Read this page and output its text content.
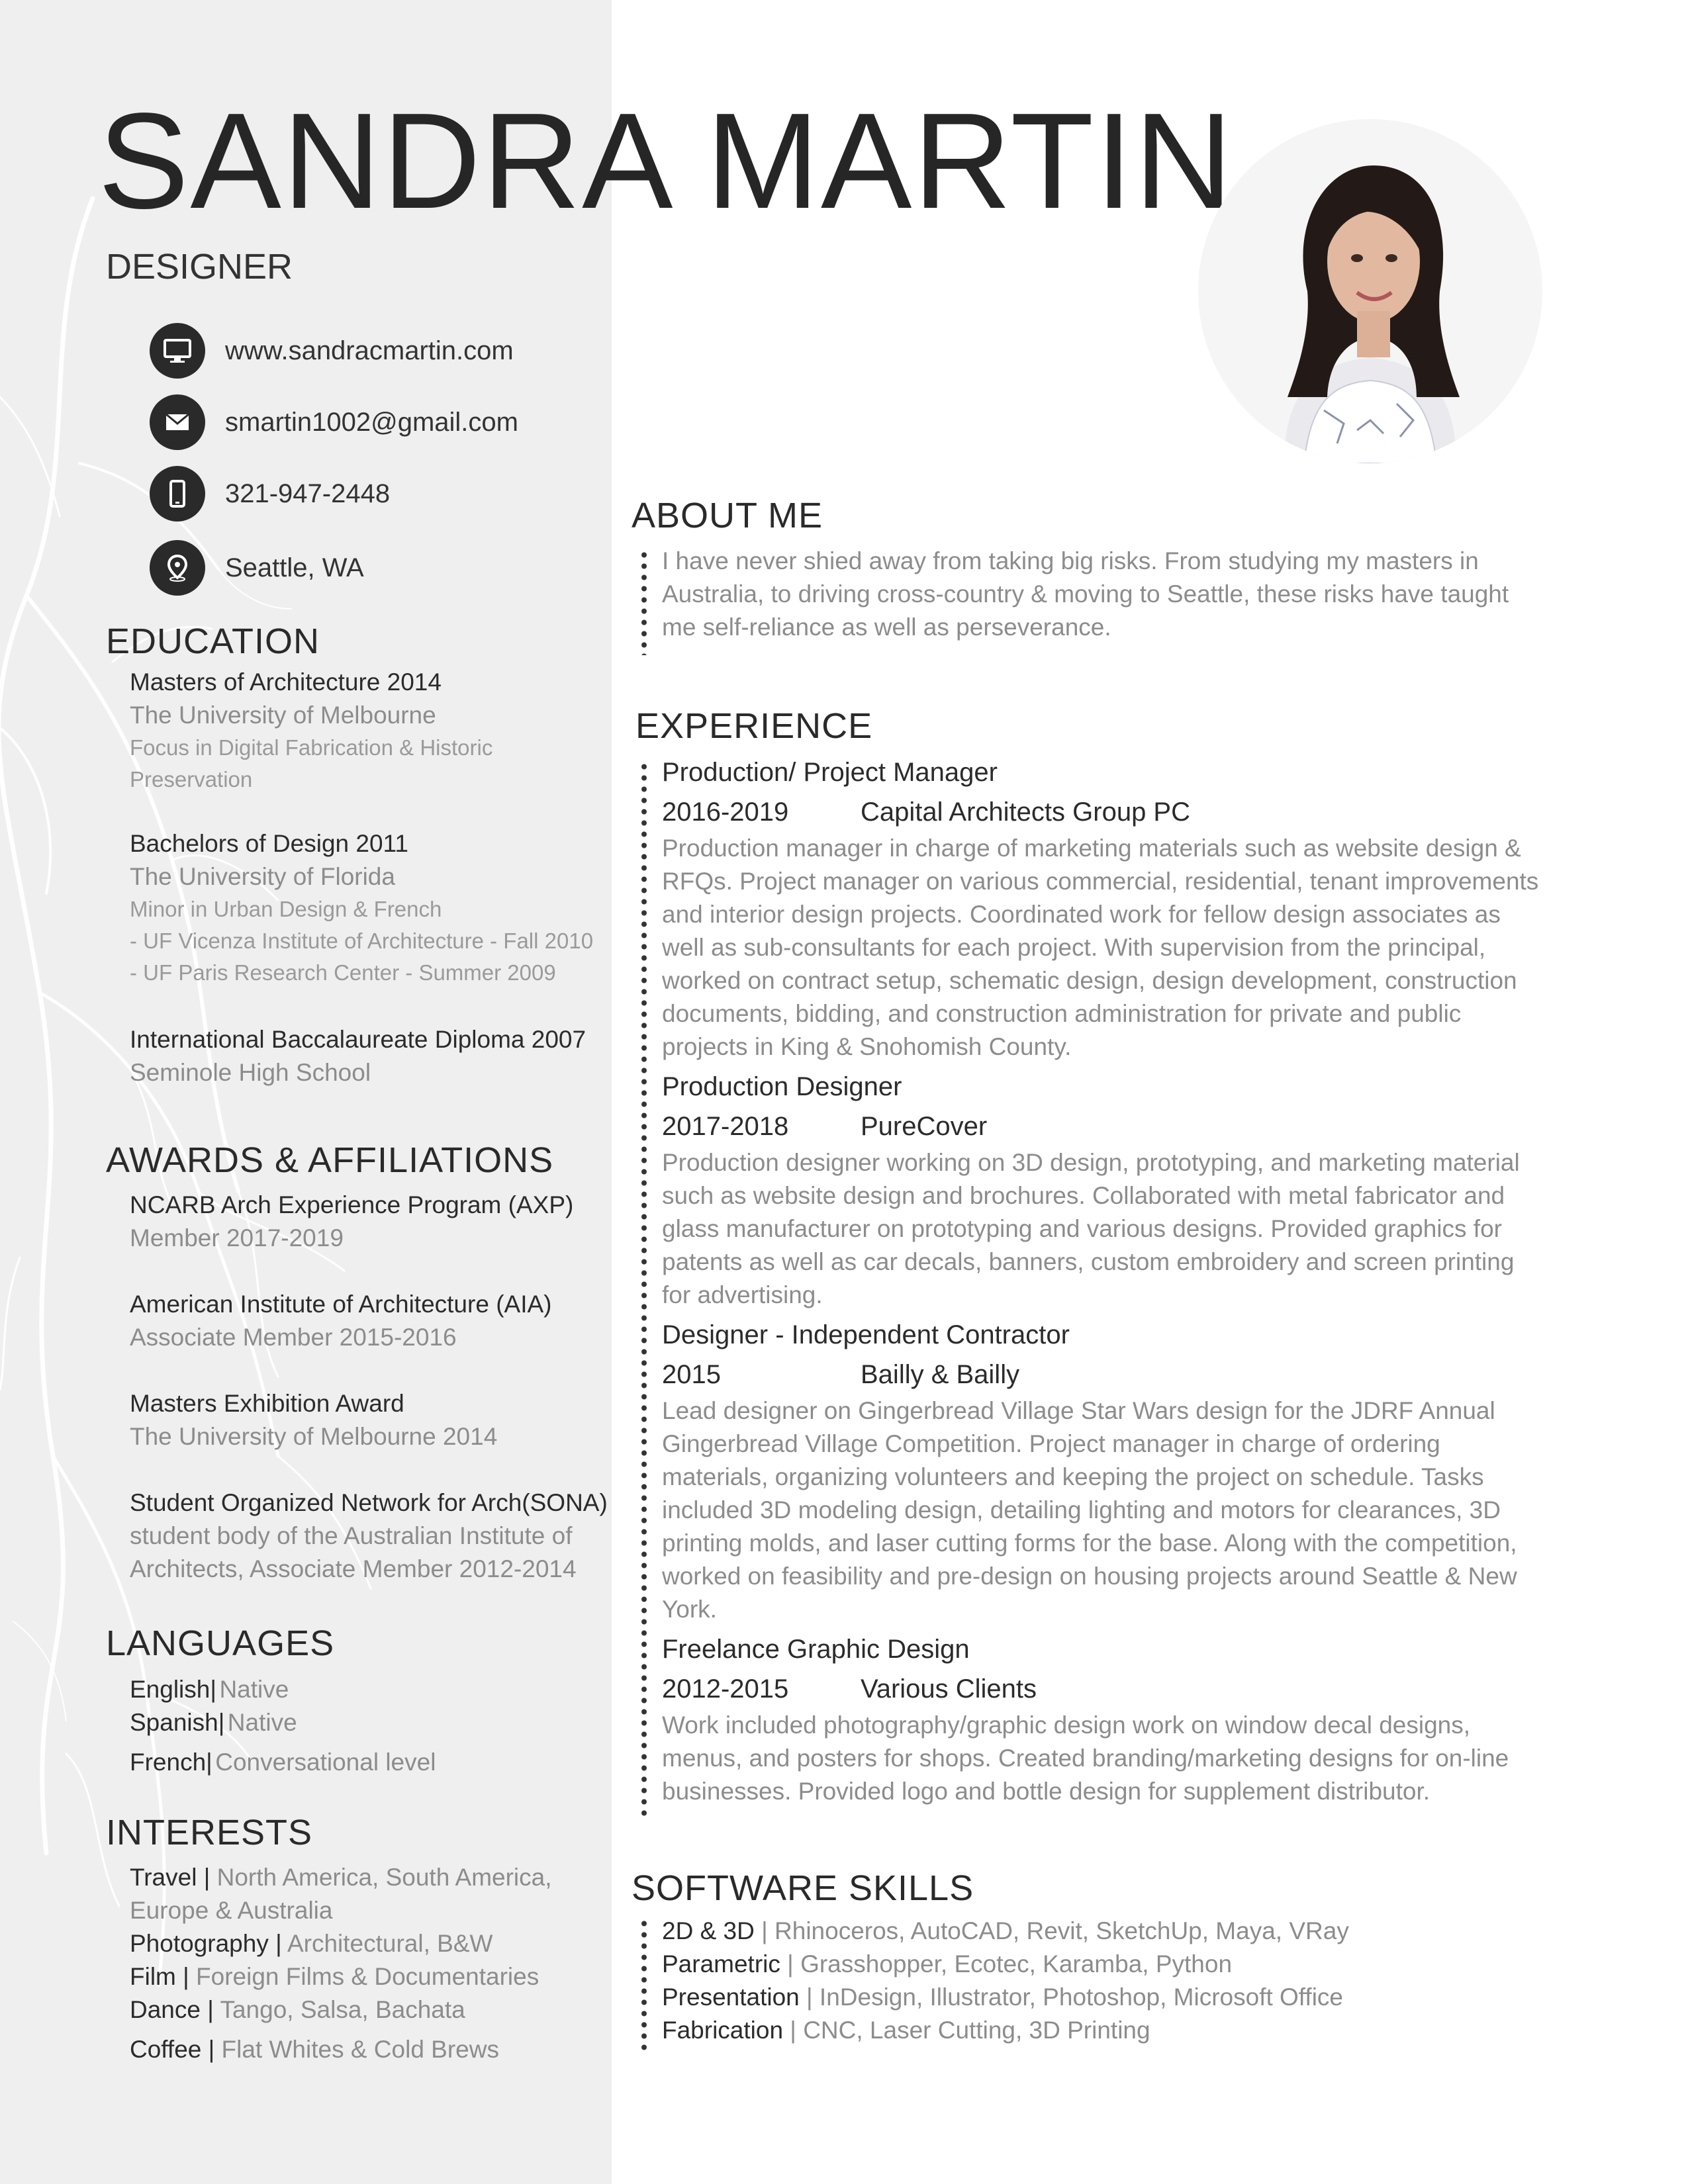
SANDRA MARTIN
DESIGNER
www.sandracmartin.com
smartin1002@gmail.com
321-947-2448
Seattle, WA
EDUCATION
Masters of Architecture 2014
The University of Melbourne
Focus in Digital Fabrication & Historic
Preservation
Bachelors of Design 2011
The University of Florida
Minor in Urban Design & French
- UF Vicenza Institute of Architecture - Fall 2010
- UF Paris Research Center - Summer 2009
International Baccalaureate Diploma 2007
Seminole High School
AWARDS & AFFILIATIONS
NCARB Arch Experience Program (AXP)
Member 2017-2019
American Institute of Architecture (AIA)
Associate Member 2015-2016
Masters Exhibition Award
The University of Melbourne 2014
Student Organized Network for Arch(SONA)
student body of the Australian Institute of
Architects, Associate Member 2012-2014
LANGUAGES
English| Native
Spanish| Native
French| Conversational level
INTERESTS
Travel | North America, South America,
Europe & Australia
Photography | Architectural, B&W
Film | Foreign Films & Documentaries
Dance | Tango, Salsa, Bachata
Coffee | Flat Whites & Cold Brews
ABOUT ME
I have never shied away from taking big risks. From studying my masters in Australia, to driving cross-country & moving to Seattle, these risks have taught me self-reliance as well as perseverance.
EXPERIENCE
Production/ Project Manager
2016-2019	Capital Architects Group PC
Production manager in charge of marketing materials such as website design & RFQs. Project manager on various commercial, residential, tenant improvements and interior design projects. Coordinated work for fellow design associates as well as sub-consultants for each project. With supervision from the principal, worked on contract setup, schematic design, design development, construction documents, bidding, and construction administration for private and public projects in King & Snohomish County.
Production Designer
2017-2018	PureCover
Production designer working on 3D design, prototyping, and marketing material such as website design and brochures. Collaborated with metal fabricator and glass manufacturer on prototyping and various designs. Provided graphics for patents as well as car decals, banners, custom embroidery and screen printing for advertising.
Designer - Independent Contractor
2015	Bailly & Bailly
Lead designer on Gingerbread Village Star Wars design for the JDRF Annual Gingerbread Village Competition. Project manager in charge of ordering materials, organizing volunteers and keeping the project on schedule. Tasks included 3D modeling design, detailing lighting and motors for clearances, 3D printing molds, and laser cutting forms for the base. Along with the competition, worked on feasibility and pre-design on housing projects around Seattle & New York.
Freelance Graphic Design
2012-2015	Various Clients
Work included photography/graphic design work on window decal designs, menus, and posters for shops. Created branding/marketing designs for on-line businesses. Provided logo and bottle design for supplement distributor.
SOFTWARE SKILLS
2D & 3D | Rhinoceros, AutoCAD, Revit, SketchUp, Maya, VRay
Parametric | Grasshopper, Ecotec, Karamba, Python
Presentation | InDesign, Illustrator, Photoshop, Microsoft Office
Fabrication | CNC, Laser Cutting, 3D Printing
